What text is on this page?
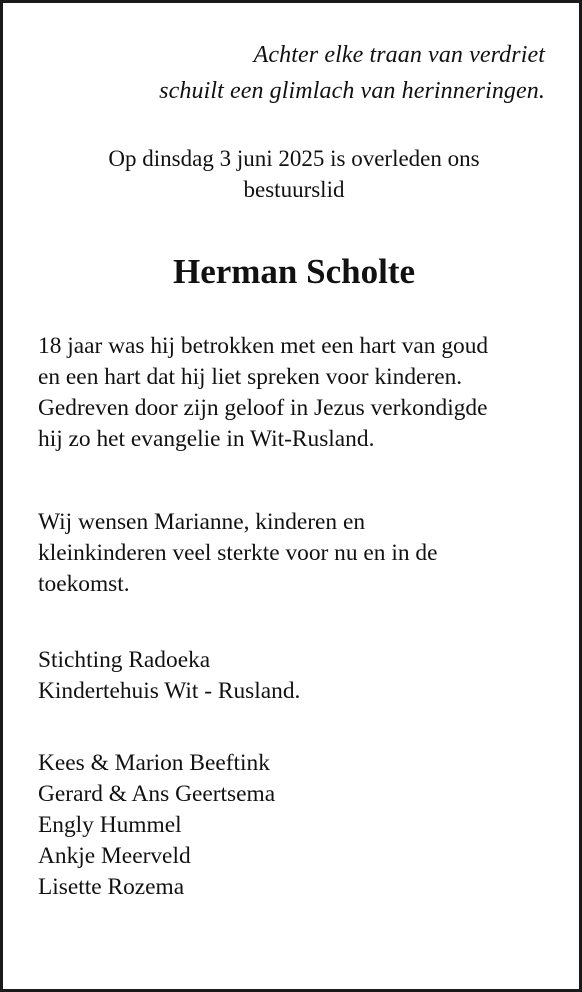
Achter elke traan van verdriet
schuilt een glimlach van herinneringen.
Op dinsdag 3 juni 2025 is overleden ons
bestuurslid
Herman Scholte
18 jaar was hij betrokken met een hart van goud
en een hart dat hij liet spreken voor kinderen.
Gedreven door zijn geloof in Jezus verkondigde
hij zo het evangelie in Wit-Rusland.
Wij wensen Marianne, kinderen en
kleinkinderen veel sterkte voor nu en in de
toekomst.
Stichting Radoeka
Kindertehuis Wit - Rusland.
Kees & Marion Beeftink
Gerard & Ans Geertsema
Engly Hummel
Ankje Meerveld
Lisette Rozema
